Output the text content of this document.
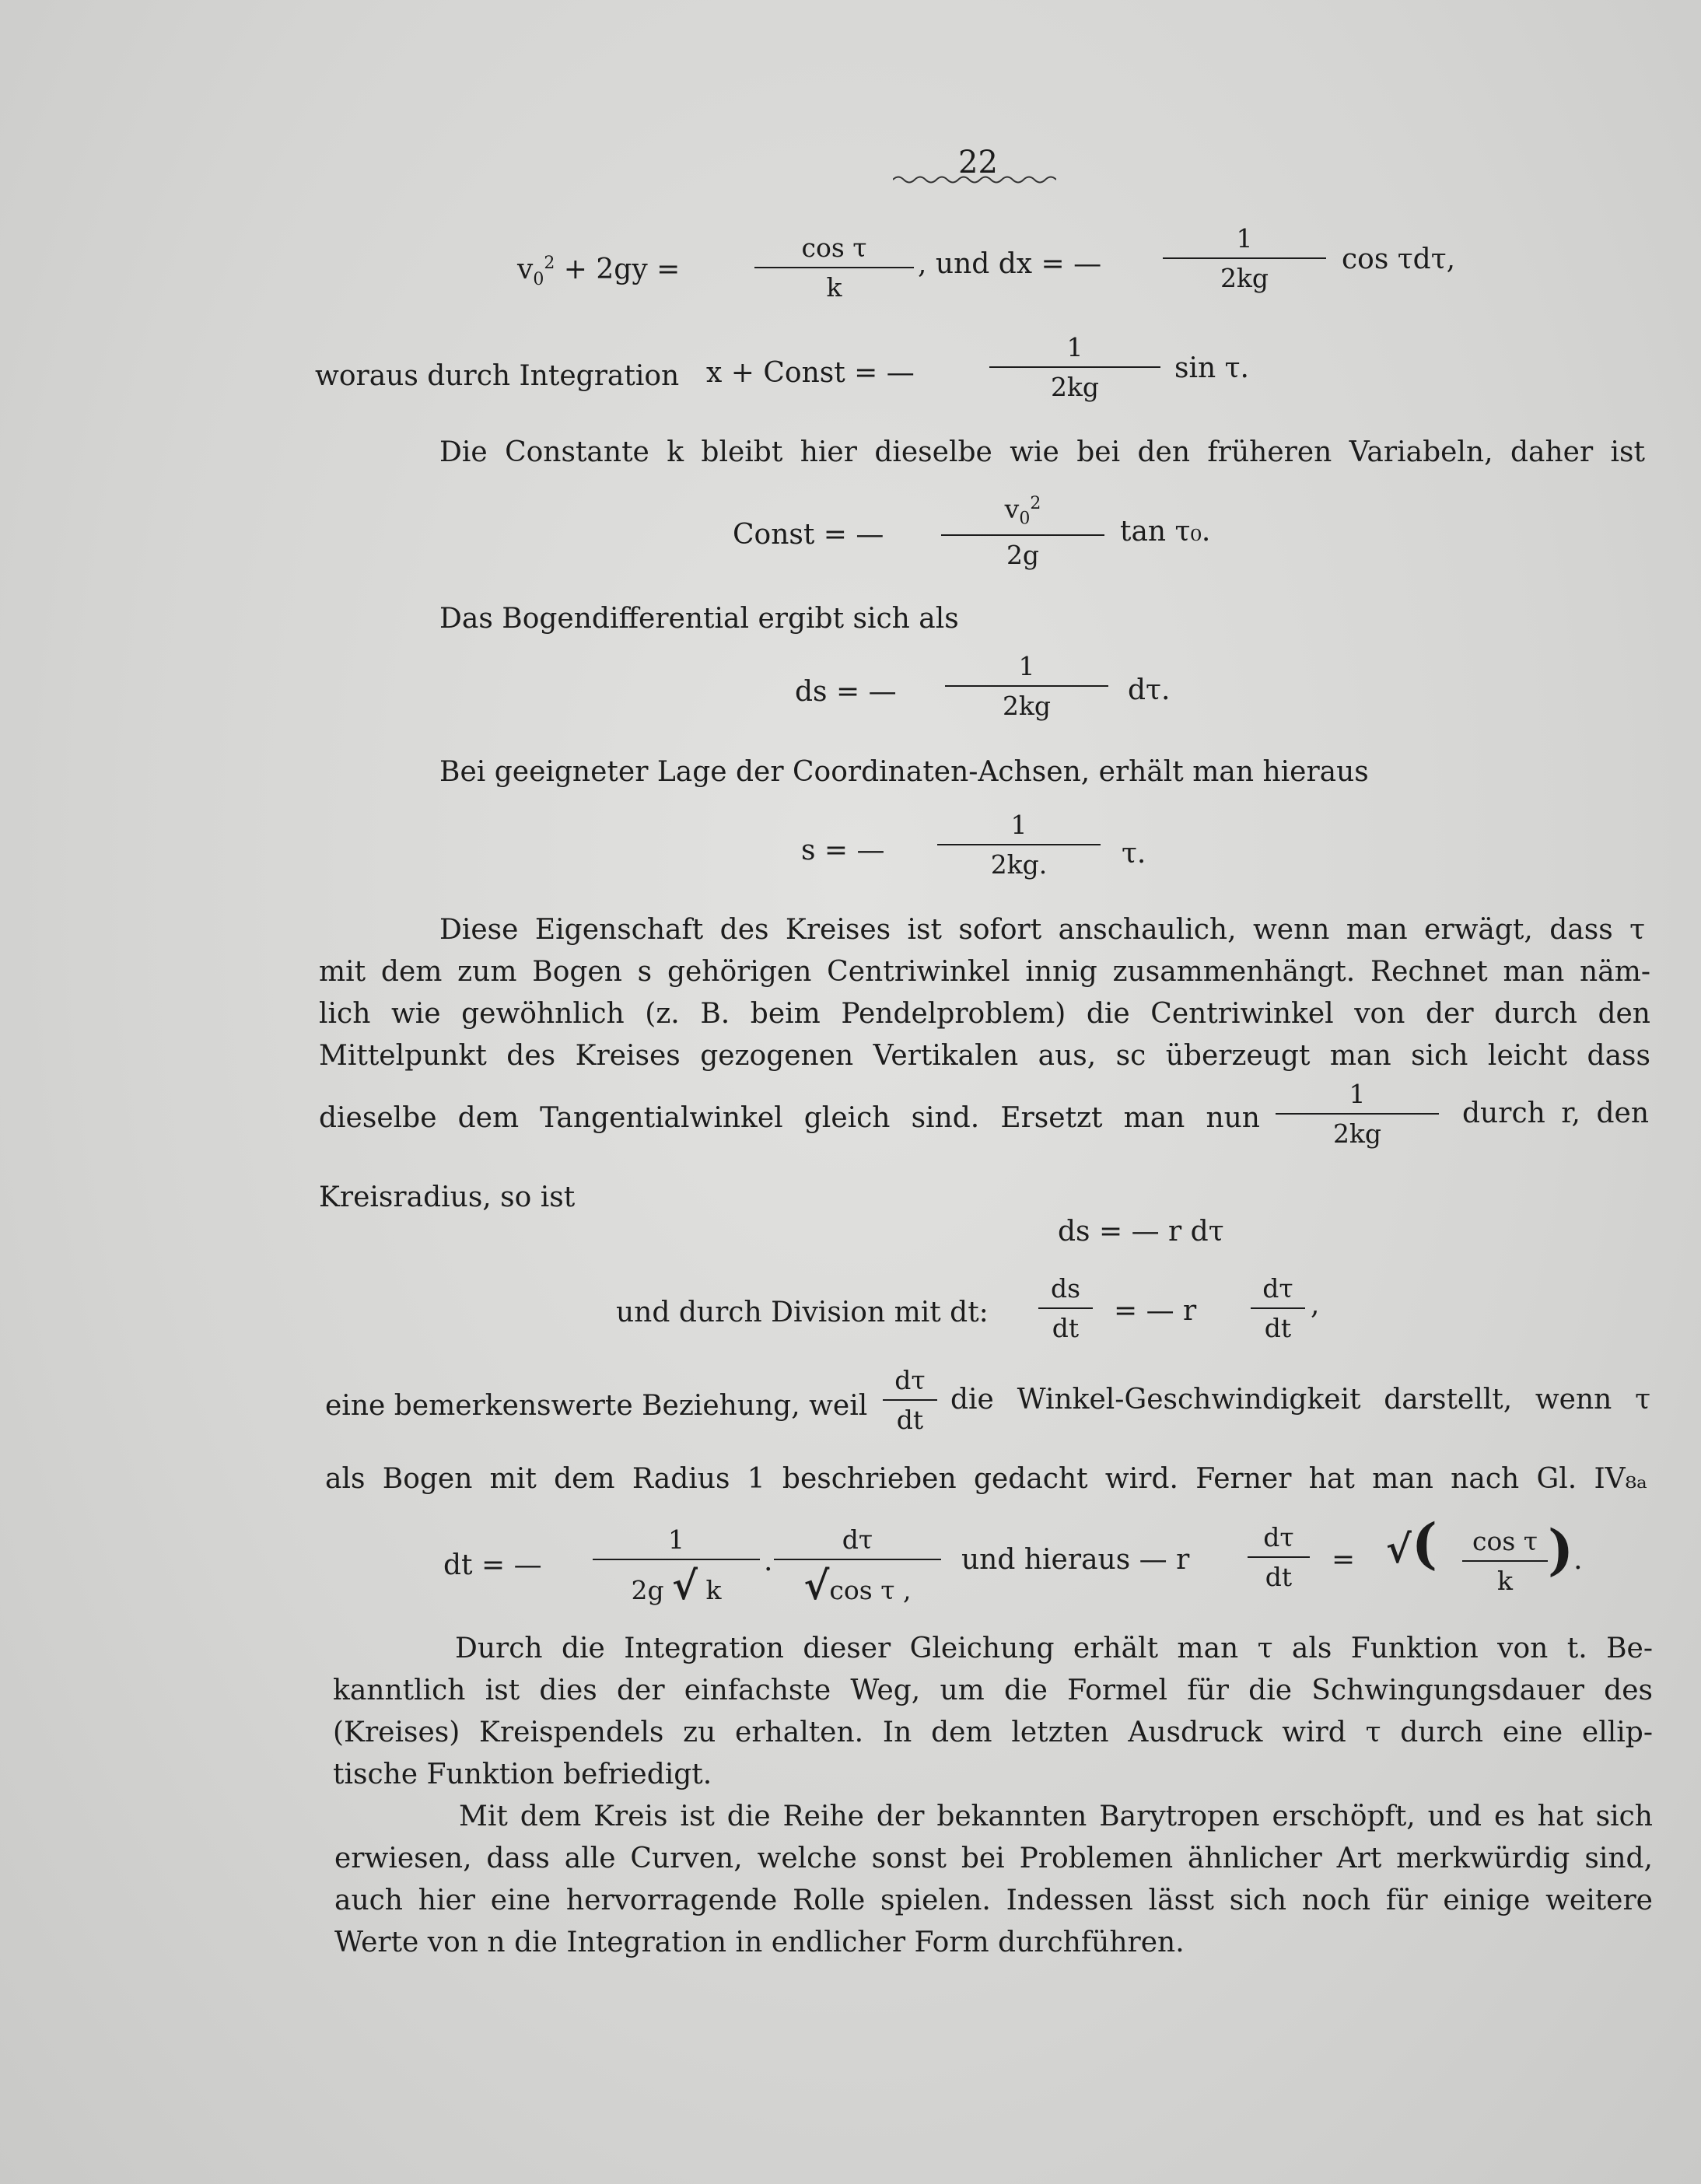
22
$v_0^2 + 2gy$ =
cos τ
k
, und dx = —
1
2kg
cos τdτ,
woraus durch Integration x + Const = —
1
2kg
sin τ.
Die Constante k bleibt hier dieselbe wie bei den früheren Variabeln, daher ist
Const = —
$v_0^2$
2g
tan τ₀.
Das Bogendifferential ergibt sich als
ds = —
1
2kg	dτ.
Bei geeigneter Lage der Coordinaten-Achsen, erhält man hieraus
s = —
1
2kg.	τ.
Diese Eigenschaft des Kreises ist sofort anschaulich, wenn man erwägt, dass τ
mit dem zum Bogen s gehörigen Centriwinkel innig zusammenhängt. Rechnet man näm-
lich wie gewöhnlich (z. B. beim Pendelproblem) die Centriwinkel von der durch den
Mittelpunkt des Kreises gezogenen Vertikalen aus, sc überzeugt man sich leicht dass
dieselbe dem Tangentialwinkel gleich sind. Ersetzt man nun
1
2kg
durch r, den
Kreisradius, so ist
ds = — r dτ
und durch Division mit dt:
ds
dt
= — r
dτ
dt
,
eine bemerkenswerte Beziehung, weil
dτ
dt
die Winkel-Geschwindigkeit darstellt, wenn τ
als Bogen mit dem Radius 1 beschrieben gedacht wird. Ferner hat man nach Gl. IV₈ₐ
dt = —
1
2g √ k
.
dτ
√cos τ ,
und hieraus — r
dτ
dt
= √(	cos τ
k ).
Durch die Integration dieser Gleichung erhält man τ als Funktion von t. Be-
kanntlich ist dies der einfachste Weg, um die Formel für die Schwingungsdauer des
(Kreises) Kreispendels zu erhalten. In dem letzten Ausdruck wird τ durch eine ellip-
tische Funktion befriedigt.
Mit dem Kreis ist die Reihe der bekannten Barytropen erschöpft, und es hat sich
erwiesen, dass alle Curven, welche sonst bei Problemen ähnlicher Art merkwürdig sind,
auch hier eine hervorragende Rolle spielen. Indessen lässt sich noch für einige weitere
Werte von n die Integration in endlicher Form durchführen.
